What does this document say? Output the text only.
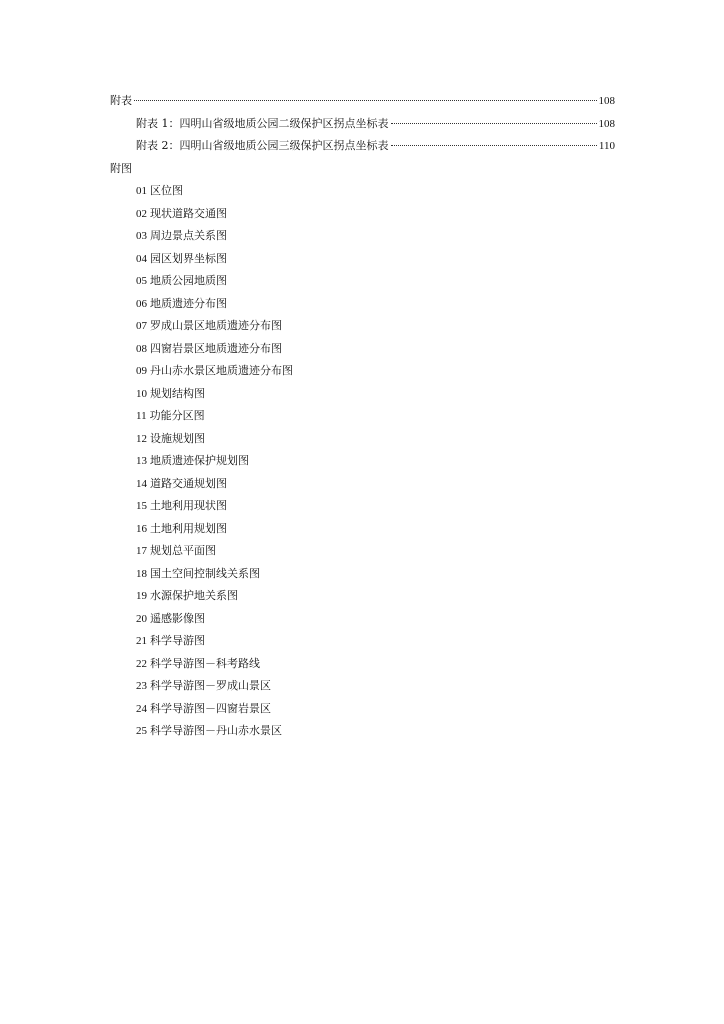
附表	108
附表 1：四明山省级地质公园二级保护区拐点坐标表	108
附表 2：四明山省级地质公园三级保护区拐点坐标表	110
附图
01 区位图
02 现状道路交通图
03 周边景点关系图
04 园区划界坐标图
05 地质公园地质图
06 地质遗迹分布图
07 罗成山景区地质遗迹分布图
08 四窗岩景区地质遗迹分布图
09 丹山赤水景区地质遗迹分布图
10 规划结构图
11 功能分区图
12 设施规划图
13 地质遗迹保护规划图
14 道路交通规划图
15 土地利用现状图
16 土地利用规划图
17 规划总平面图
18 国土空间控制线关系图
19 水源保护地关系图
20 遥感影像图
21 科学导游图
22 科学导游图－科考路线
23 科学导游图－罗成山景区
24 科学导游图－四窗岩景区
25 科学导游图－丹山赤水景区
